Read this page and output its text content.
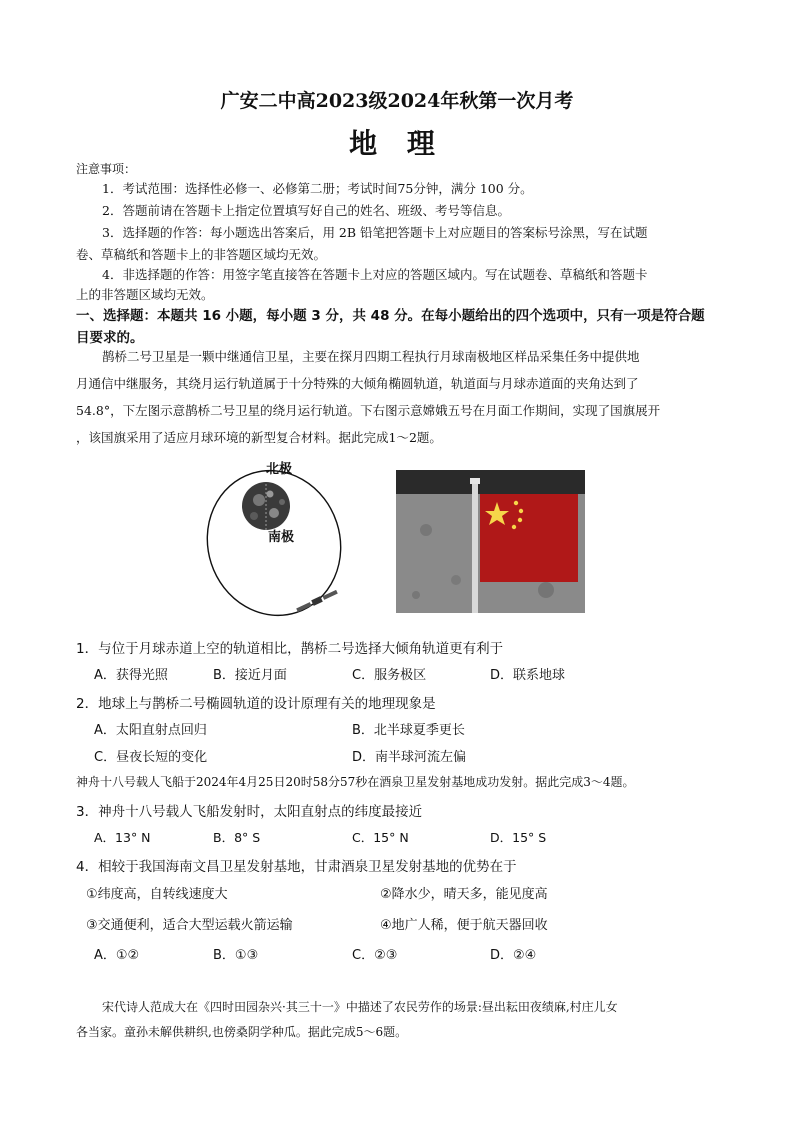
广安二中高2023级2024年秋第一次月考
地 理
注意事项：
1．考试范围：选择性必修一、必修第二册；考试时间75分钟，满分 100 分。
2．答题前请在答题卡上指定位置填写好自己的姓名、班级、考号等信息。
3．选择题的作答：每小题选出答案后，用 2B 铅笔把答题卡上对应题目的答案标号涂黑，写在试题
卷、草稿纸和答题卡上的非答题区域均无效。
4．非选择题的作答：用签字笔直接答在答题卡上对应的答题区域内。写在试题卷、草稿纸和答题卡
上的非答题区域均无效。
一、选择题：本题共 16 小题，每小题 3 分，共 48 分。在每小题给出的四个选项中，只有一项是符合题
目要求的。
鹊桥二号卫星是一颗中继通信卫星，主要在探月四期工程执行月球南极地区样品采集任务中提供地
月通信中继服务，其绕月运行轨道属于十分特殊的大倾角椭圆轨道，轨道面与月球赤道面的夹角达到了
54.8°，下左图示意鹊桥二号卫星的绕月运行轨道。下右图示意嫦娥五号在月面工作期间，实现了国旗展开
，该国旗采用了适应月球环境的新型复合材料。据此完成1～2题。
北极
南极
1．与位于月球赤道上空的轨道相比，鹊桥二号选择大倾角轨道更有利于
A．获得光照	B．接近月面	C．服务极区	D．联系地球
2．地球上与鹊桥二号椭圆轨道的设计原理有关的地理现象是
A．太阳直射点回归	B．北半球夏季更长
C．昼夜长短的变化	D．南半球河流左偏
神舟十八号载人飞船于2024年4月25日20时58分57秒在酒泉卫星发射基地成功发射。据此完成3～4题。
3．神舟十八号载人飞船发射时，太阳直射点的纬度最接近
A．13° N	B．8° S	C．15° N	D．15° S
4．相较于我国海南文昌卫星发射基地，甘肃酒泉卫星发射基地的优势在于
①纬度高，自转线速度大	②降水少，晴天多，能见度高
③交通便利，适合大型运载火箭运输	④地广人稀，便于航天器回收
A．①②	B．①③	C．②③	D．②④
宋代诗人范成大在《四时田园杂兴·其三十一》中描述了农民劳作的场景:昼出耘田夜绩麻,村庄儿女
各当家。童孙未解供耕织,也傍桑阴学种瓜。据此完成5～6题。
